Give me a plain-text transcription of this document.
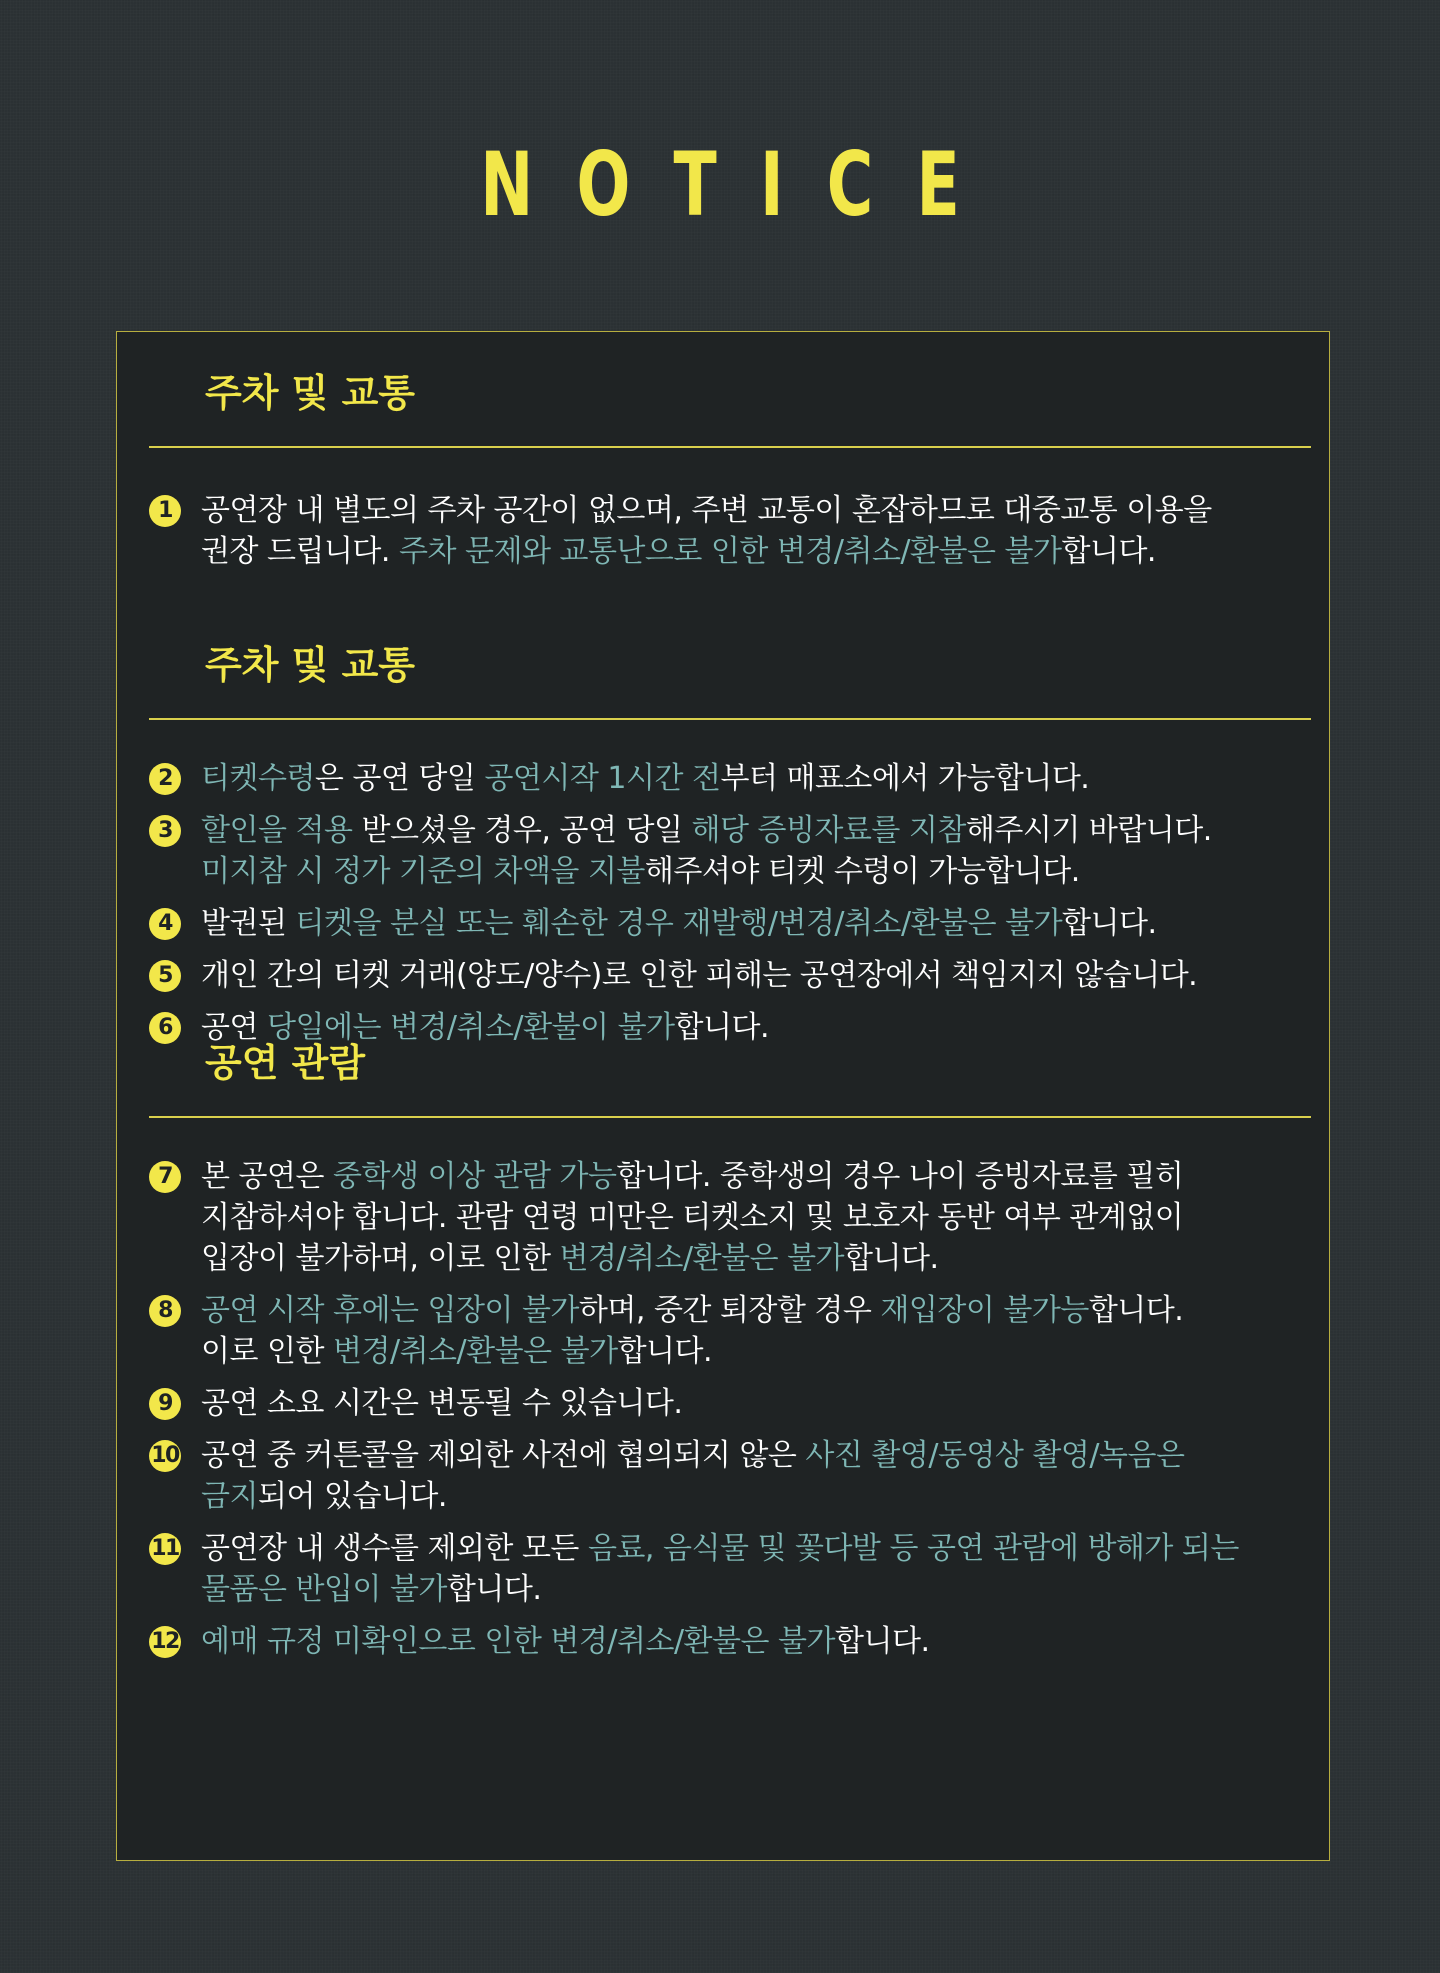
NOTICE
주차 및 교통
1 공연장 내 별도의 주차 공간이 없으며, 주변 교통이 혼잡하므로 대중교통 이용을
권장 드립니다. 주차 문제와 교통난으로 인한 변경/취소/환불은 불가합니다.
주차 및 교통
2 티켓수령은 공연 당일 공연시작 1시간 전부터 매표소에서 가능합니다.
3 할인을 적용 받으셨을 경우, 공연 당일 해당 증빙자료를 지참해주시기 바랍니다.
미지참 시 정가 기준의 차액을 지불해주셔야 티켓 수령이 가능합니다.
4 발권된 티켓을 분실 또는 훼손한 경우 재발행/변경/취소/환불은 불가합니다.
5 개인 간의 티켓 거래(양도/양수)로 인한 피해는 공연장에서 책임지지 않습니다.
6 공연 당일에는 변경/취소/환불이 불가합니다.
공연 관람
7 본 공연은 중학생 이상 관람 가능합니다. 중학생의 경우 나이 증빙자료를 필히
지참하셔야 합니다. 관람 연령 미만은 티켓소지 및 보호자 동반 여부 관계없이
입장이 불가하며, 이로 인한 변경/취소/환불은 불가합니다.
8 공연 시작 후에는 입장이 불가하며, 중간 퇴장할 경우 재입장이 불가능합니다.
이로 인한 변경/취소/환불은 불가합니다.
9 공연 소요 시간은 변동될 수 있습니다.
10 공연 중 커튼콜을 제외한 사전에 협의되지 않은 사진 촬영/동영상 촬영/녹음은
금지되어 있습니다.
11 공연장 내 생수를 제외한 모든 음료, 음식물 및 꽃다발 등 공연 관람에 방해가 되는
물품은 반입이 불가합니다.
12 예매 규정 미확인으로 인한 변경/취소/환불은 불가합니다.
